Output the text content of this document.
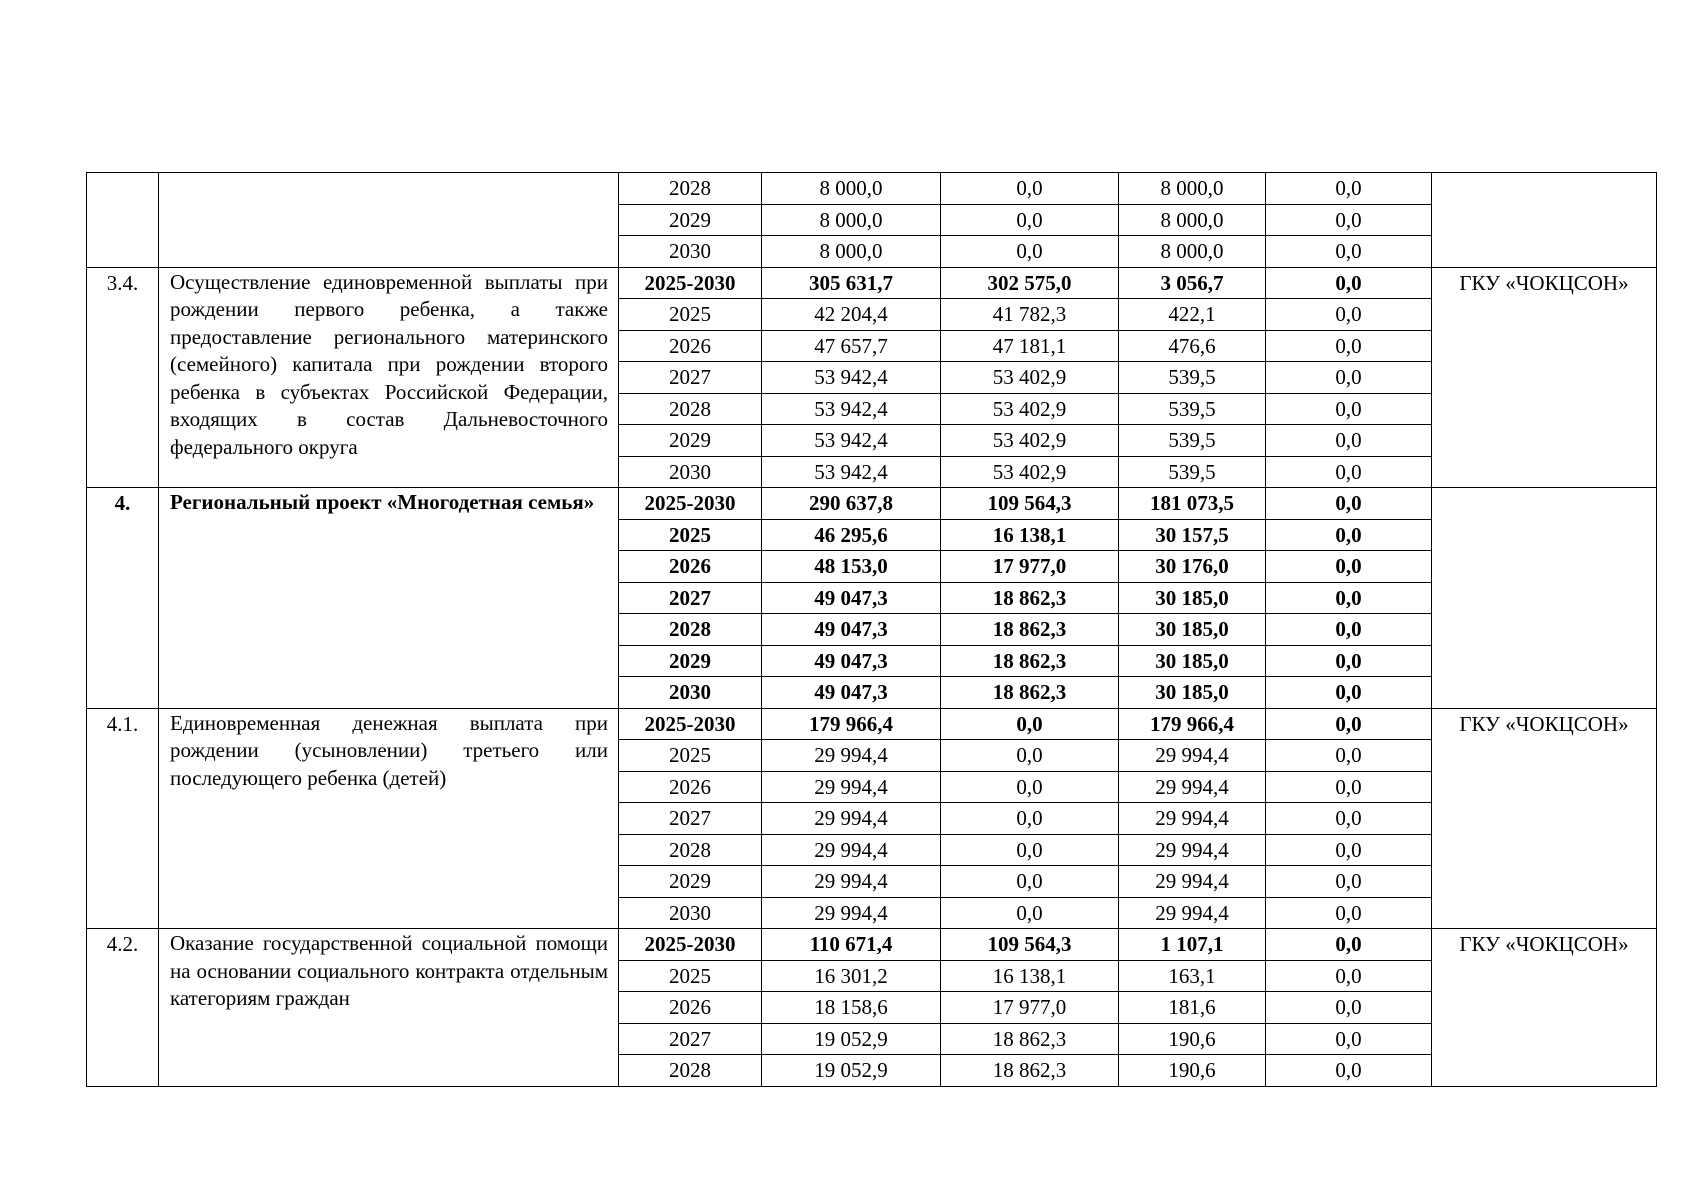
		2028	8 000,0	0,0	8 000,0	0,0	
		2029	8 000,0	0,0	8 000,0	0,0	
		2030	8 000,0	0,0	8 000,0	0,0	
3.4.	Осуществление единовременной выплаты при рождении первого ребенка, а также предоставление регионального материнского (семейного) капитала при рождении второго ребенка в субъектах Российской Федерации, входящих в состав Дальневосточного федерального округа	2025-2030	305 631,7	302 575,0	3 056,7	0,0	ГКУ «ЧОКЦСОН»
		2025	42 204,4	41 782,3	422,1	0,0	
		2026	47 657,7	47 181,1	476,6	0,0	
		2027	53 942,4	53 402,9	539,5	0,0	
		2028	53 942,4	53 402,9	539,5	0,0	
		2029	53 942,4	53 402,9	539,5	0,0	
		2030	53 942,4	53 402,9	539,5	0,0	
4.	Региональный проект «Многодетная семья»	2025-2030	290 637,8	109 564,3	181 073,5	0,0	
		2025	46 295,6	16 138,1	30 157,5	0,0	
		2026	48 153,0	17 977,0	30 176,0	0,0	
		2027	49 047,3	18 862,3	30 185,0	0,0	
		2028	49 047,3	18 862,3	30 185,0	0,0	
		2029	49 047,3	18 862,3	30 185,0	0,0	
		2030	49 047,3	18 862,3	30 185,0	0,0	
4.1.	Единовременная денежная выплата при рождении (усыновлении) третьего или последующего ребенка (детей)	2025-2030	179 966,4	0,0	179 966,4	0,0	ГКУ «ЧОКЦСОН»
		2025	29 994,4	0,0	29 994,4	0,0	
		2026	29 994,4	0,0	29 994,4	0,0	
		2027	29 994,4	0,0	29 994,4	0,0	
		2028	29 994,4	0,0	29 994,4	0,0	
		2029	29 994,4	0,0	29 994,4	0,0	
		2030	29 994,4	0,0	29 994,4	0,0	
4.2.	Оказание государственной социальной помощи на основании социального контракта отдельным категориям граждан	2025-2030	110 671,4	109 564,3	1 107,1	0,0	ГКУ «ЧОКЦСОН»
		2025	16 301,2	16 138,1	163,1	0,0	
		2026	18 158,6	17 977,0	181,6	0,0	
		2027	19 052,9	18 862,3	190,6	0,0	
		2028	19 052,9	18 862,3	190,6	0,0	
